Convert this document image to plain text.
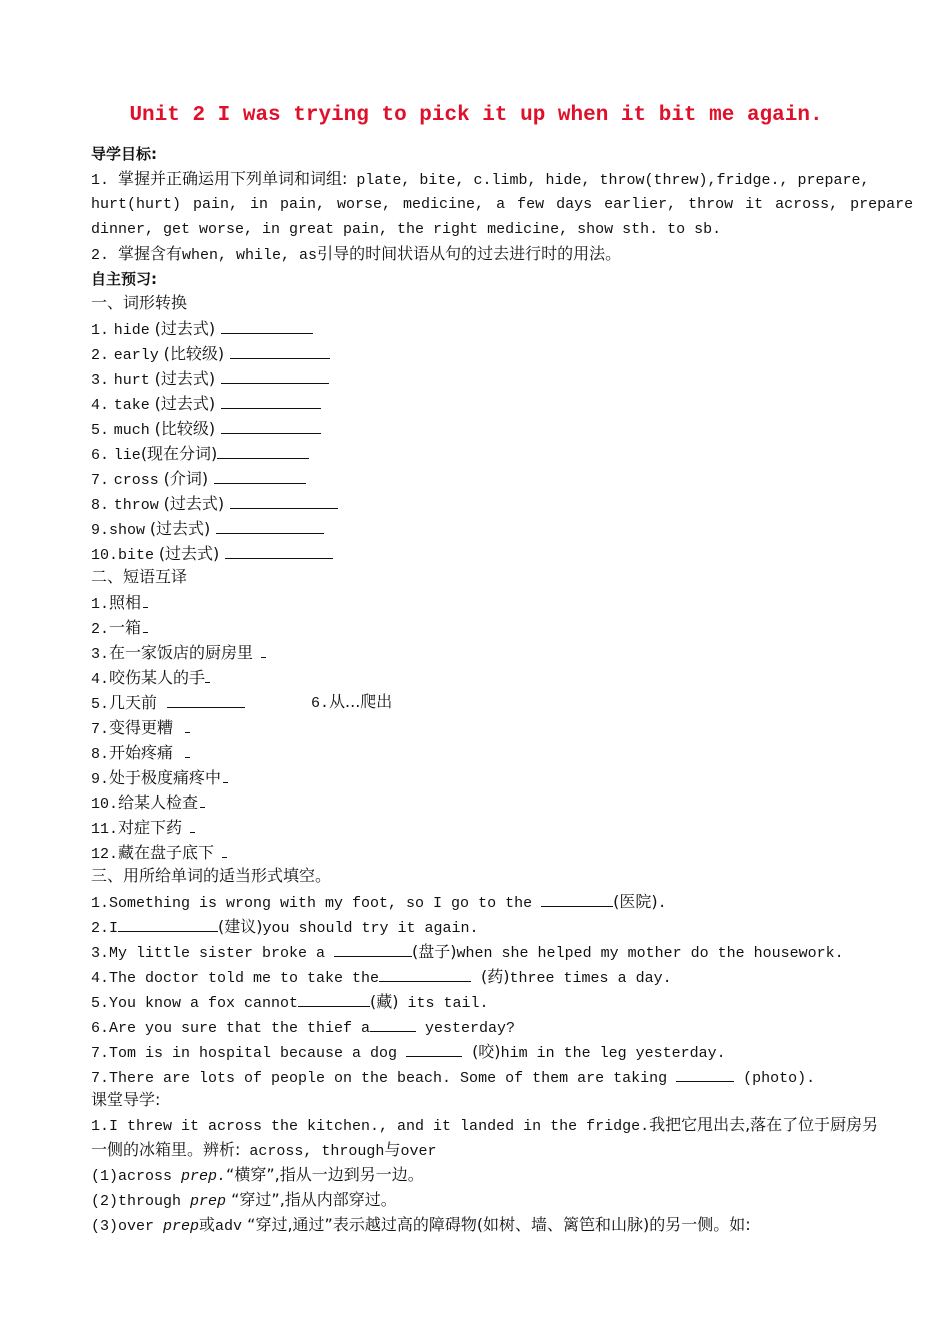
Unit 2 I was trying to pick it up when it bit me again.
导学目标:
1. 掌握并正确运用下列单词和词组: plate, bite, c.limb, hide, throw(threw),fridge., prepare,
hurt(hurt) pain, in pain, worse, medicine, a few days earlier, throw it across, prepare
dinner, get worse, in great pain, the right medicine, show sth. to sb.
2. 掌握含有when, while, as引导的时间状语从句的过去进行时的用法。
自主预习:
一、词形转换
1. hide (过去式)
2. early (比较级)
3. hurt (过去式)
4. take (过去式)
5. much (比较级)
6. lie(现在分词)
7. cross (介词)
8. throw (过去式)
9.show (过去式)
10.bite (过去式)
二、短语互译
1.照相
2.一箱
3.在一家饭店的厨房里
4.咬伤某人的手
5.几天前	6.从...爬出
7.变得更糟
8.开始疼痛
9.处于极度痛疼中
10.给某人检查
11.对症下药
12.藏在盘子底下
三、用所给单词的适当形式填空。
1.Something is wrong with my foot, so I go to the	(医院).
2.I	(建议)you should try it again.
3.My little sister broke a	(盘子)when she helped my mother do the housework.
4.The doctor told me to take the	(药)three times a day.
5.You know a fox cannot	(藏) its tail.
6.Are you sure that the thief a	yesterday?
7.Tom is in hospital because a dog	(咬)him in the leg yesterday.
7.There are lots of people on the beach. Some of them are taking	(photo).
课堂导学:
1.I threw it across the kitchen., and it landed in the fridge.我把它甩出去,落在了位于厨房另
一侧的冰箱里。辨析: across, through与over
(1)across prep.“横穿”,指从一边到另一边。
(2)through prep “穿过”,指从内部穿过。
(3)over prep或adv “穿过,通过”表示越过高的障碍物(如树、墙、篱笆和山脉)的另一侧。如:
